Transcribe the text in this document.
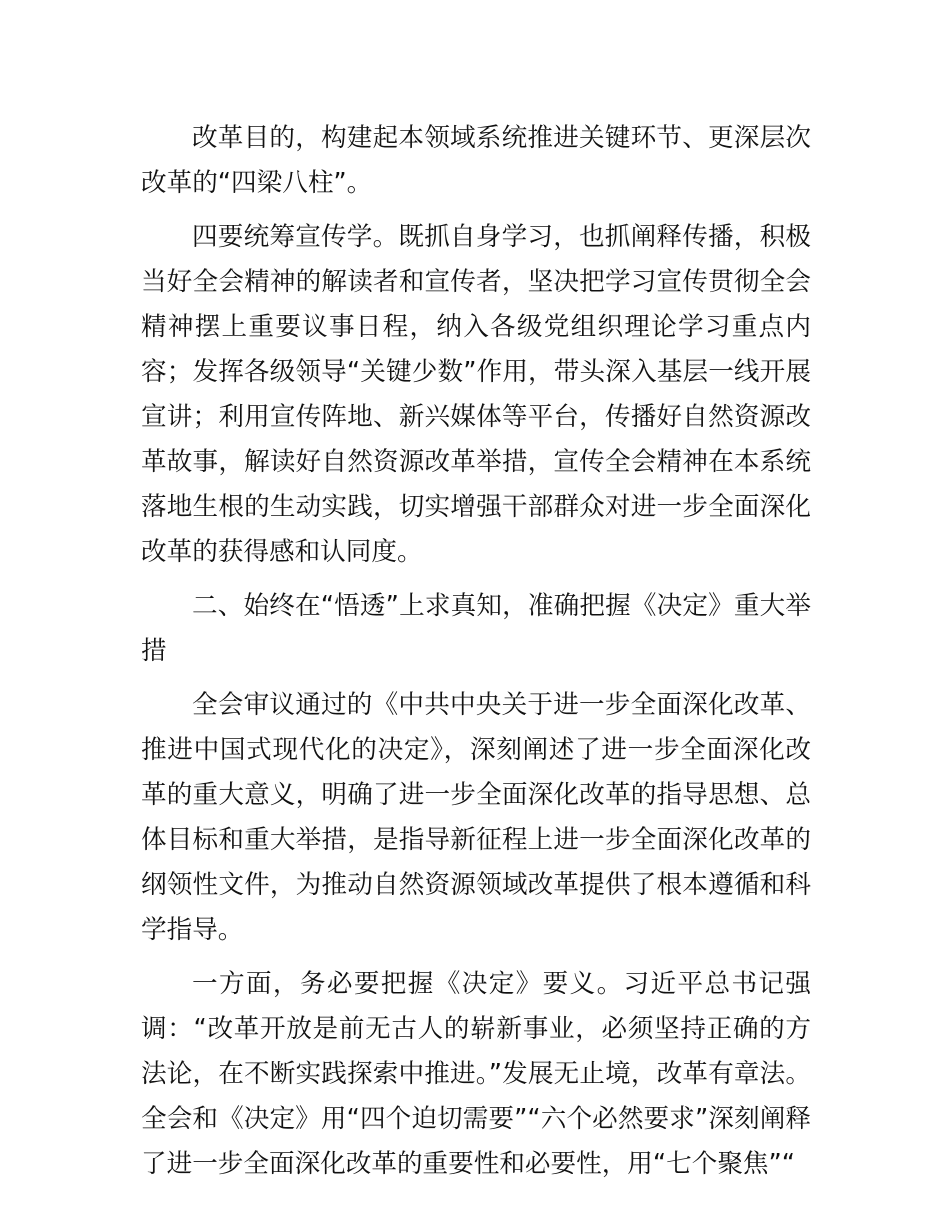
改革目的，构建起本领域系统推进关键环节、更深层次改革的“四梁八柱”。

四要统筹宣传学。既抓自身学习，也抓阐释传播，积极当好全会精神的解读者和宣传者，坚决把学习宣传贯彻全会精神摆上重要议事日程，纳入各级党组织理论学习重点内容；发挥各级领导“关键少数”作用，带头深入基层一线开展宣讲；利用宣传阵地、新兴媒体等平台，传播好自然资源改革故事，解读好自然资源改革举措，宣传全会精神在本系统落地生根的生动实践，切实增强干部群众对进一步全面深化改革的获得感和认同度。

二、始终在“悟透”上求真知，准确把握《决定》重大举措

全会审议通过的《中共中央关于进一步全面深化改革、推进中国式现代化的决定》，深刻阐述了进一步全面深化改革的重大意义，明确了进一步全面深化改革的指导思想、总体目标和重大举措，是指导新征程上进一步全面深化改革的纲领性文件，为推动自然资源领域改革提供了根本遵循和科学指导。

一方面，务必要把握《决定》要义。习近平总书记强调：“改革开放是前无古人的崭新事业，必须坚持正确的方法论，在不断实践探索中推进。”发展无止境，改革有章法。全会和《决定》用“四个迫切需要”“六个必然要求”深刻阐释了进一步全面深化改革的重要性和必要性，用“七个聚焦”“
